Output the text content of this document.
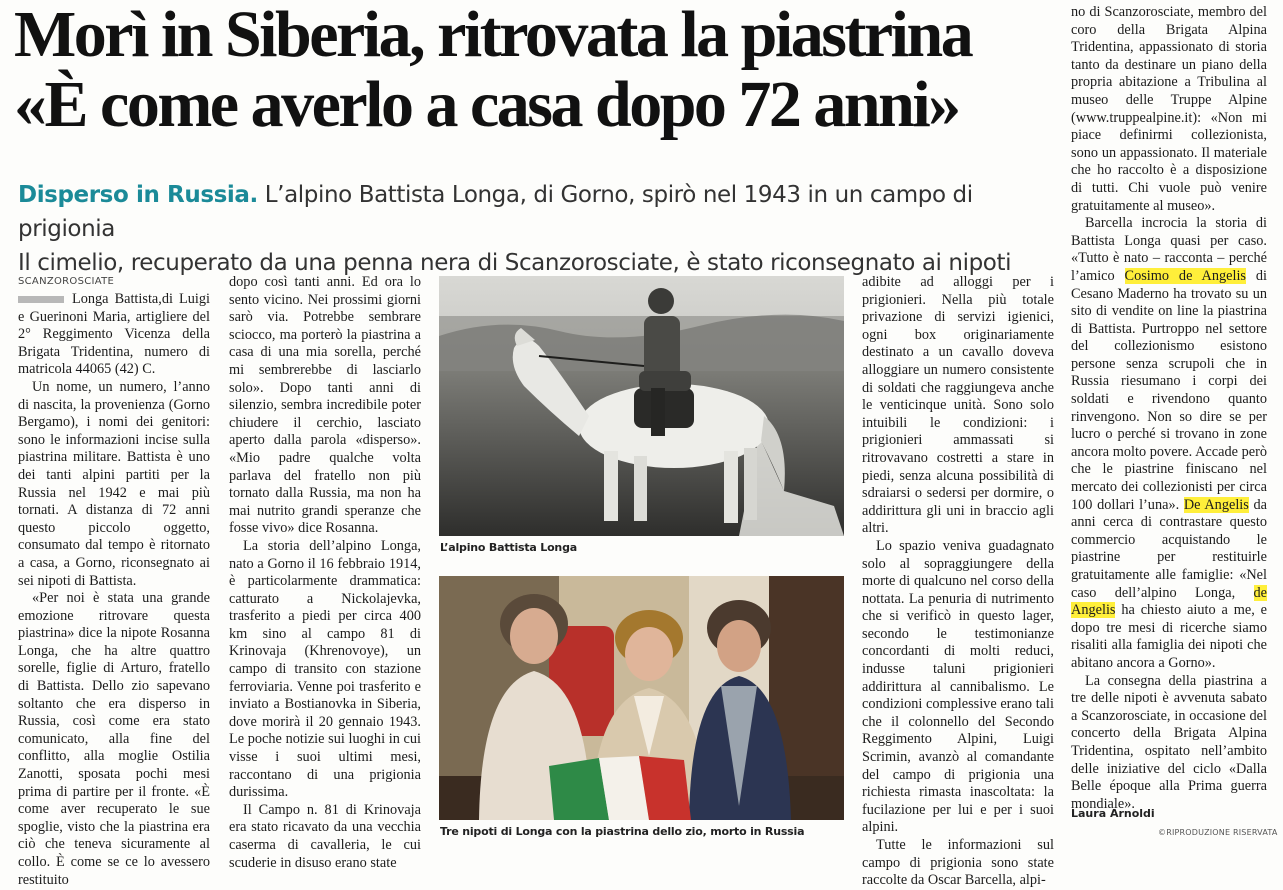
Morì in Siberia, ritrovata la piastrina
«È come averlo a casa dopo 72 anni»
Disperso in Russia. L’alpino Battista Longa, di Gorno, spirò nel 1943 in un campo di prigionia
Il cimelio, recuperato da una penna nera di Scanzorosciate, è stato riconsegnato ai nipoti
SCANZOROSCIATE

Longa Battista,di Luigi e Guerinoni Maria, artigliere del 2° Reggimento Vicenza della Brigata Tridentina, numero di matricola 44065 (42) C.

Un nome, un numero, l’anno di nascita, la provenienza (Gorno Bergamo), i nomi dei genitori: sono le informazioni incise sulla piastrina militare. Battista è uno dei tanti alpini partiti per la Russia nel 1942 e mai più tornati. A distanza di 72 anni questo piccolo oggetto, consumato dal tempo è ritornato a casa, a Gorno, riconsegnato ai sei nipoti di Battista.

«Per noi è stata una grande emozione ritrovare questa piastrina» dice la nipote Rosanna Longa, che ha altre quattro sorelle, figlie di Arturo, fratello di Battista. Dello zio sapevano soltanto che era disperso in Russia, così come era stato comunicato, alla fine del conflitto, alla moglie Ostilia Zanotti, sposata pochi mesi prima di partire per il fronte. «È come aver recuperato le sue spoglie, visto che la piastrina era ciò che teneva sicuramente al collo. È come se ce lo avessero restituito

dopo così tanti anni. Ed ora lo sento vicino. Nei prossimi giorni sarò via. Potrebbe sembrare sciocco, ma porterò la piastrina a casa di una mia sorella, perché mi sembrerebbe di lasciarlo solo». Dopo tanti anni di silenzio, sembra incredibile poter chiudere il cerchio, lasciato aperto dalla parola «disperso». «Mio padre qualche volta parlava del fratello non più tornato dalla Russia, ma non ha mai nutrito grandi speranze che fosse vivo» dice Rosanna.

La storia dell’alpino Longa, nato a Gorno il 16 febbraio 1914, è particolarmente drammatica: catturato a Nickolajevka, trasferito a piedi per circa 400 km sino al campo 81 di Krinovaja (Khrenovoye), un campo di transito con stazione ferroviaria. Venne poi trasferito e inviato a Bostianovka in Siberia, dove morirà il 20 gennaio 1943. Le poche notizie sui luoghi in cui visse i suoi ultimi mesi, raccontano di una prigionia durissima.

Il Campo n. 81 di Krinovaja era stato ricavato da una vecchia caserma di cavalleria, le cui scuderie in disuso erano state

L’alpino Battista Longa
Tre nipoti di Longa con la piastrina dello zio, morto in Russia

adibite ad alloggi per i prigionieri. Nella più totale privazione di servizi igienici, ogni box originariamente destinato a un cavallo doveva alloggiare un numero consistente di soldati che raggiungeva anche le venticinque unità. Sono solo intuibili le condizioni: i prigionieri ammassati si ritrovavano costretti a stare in piedi, senza alcuna possibilità di sdraiarsi o sedersi per dormire, o addirittura gli uni in braccio agli altri.

Lo spazio veniva guadagnato solo al sopraggiungere della morte di qualcuno nel corso della nottata. La penuria di nutrimento che si verificò in questo lager, secondo le testimonianze concordanti di molti reduci, indusse taluni prigionieri addirittura al cannibalismo. Le condizioni complessive erano tali che il colonnello del Secondo Reggimento Alpini, Luigi Scrimin, avanzò al comandante del campo di prigionia una richiesta rimasta inascoltata: la fucilazione per lui e per i suoi alpini.

Tutte le informazioni sul campo di prigionia sono state raccolte da Oscar Barcella, alpi-

no di Scanzorosciate, membro del coro della Brigata Alpina Tridentina, appassionato di storia tanto da destinare un piano della propria abitazione a Tribulina al museo delle Truppe Alpine (www.truppealpine.it): «Non mi piace definirmi collezionista, sono un appassionato. Il materiale che ho raccolto è a disposizione di tutti. Chi vuole può venire gratuitamente al museo».

Barcella incrocia la storia di Battista Longa quasi per caso. «Tutto è nato – racconta – perché l’amico Cosimo de Angelis di Cesano Maderno ha trovato su un sito di vendite on line la piastrina di Battista. Purtroppo nel settore del collezionismo esistono persone senza scrupoli che in Russia riesumano i corpi dei soldati e rivendono quanto rinvengono. Non so dire se per lucro o perché si trovano in zone ancora molto povere. Accade però che le piastrine finiscano nel mercato dei collezionisti per circa 100 dollari l’una». De Angelis da anni cerca di contrastare questo commercio acquistando le piastrine per restituirle gratuitamente alle famiglie: «Nel caso dell’alpino Longa, de Angelis ha chiesto aiuto a me, e dopo tre mesi di ricerche siamo risaliti alla famiglia dei nipoti che abitano ancora a Gorno».

La consegna della piastrina a tre delle nipoti è avvenuta sabato a Scanzorosciate, in occasione del concerto della Brigata Alpina Tridentina, ospitato nell’ambito delle iniziative del ciclo «Dalla Belle époque alla Prima guerra mondiale».

Laura Arnoldi
©RIPRODUZIONE RISERVATA
